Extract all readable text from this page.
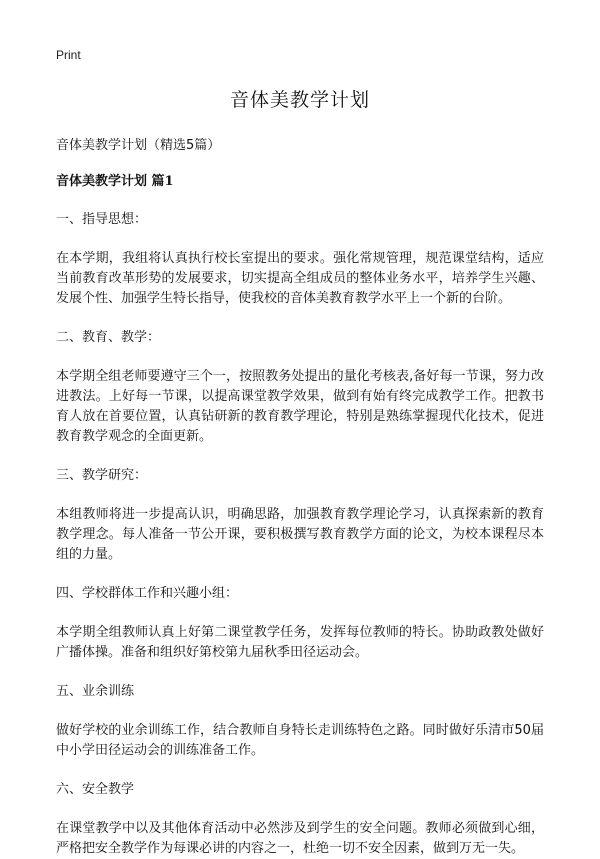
Print
音体美教学计划
音体美教学计划（精选5篇）
音体美教学计划 篇1
一、指导思想：
在本学期，我组将认真执行校长室提出的要求。强化常规管理，规范课堂结构，适应当前教育改革形势的发展要求，切实提高全组成员的整体业务水平，培养学生兴趣、发展个性、加强学生特长指导，使我校的音体美教育教学水平上一个新的台阶。
二、教育、教学：
本学期全组老师要遵守三个一，按照教务处提出的量化考核表,备好每一节课，努力改进教法。上好每一节课，以提高课堂教学效果，做到有始有终完成教学工作。把教书育人放在首要位置，认真钻研新的教育教学理论，特别是熟练掌握现代化技术，促进教育教学观念的全面更新。
三、教学研究：
本组教师将进一步提高认识，明确思路，加强教育教学理论学习，认真探索新的教育教学理念。每人准备一节公开课，要积极撰写教育教学方面的论文，为校本课程尽本组的力量。
四、学校群体工作和兴趣小组：
本学期全组教师认真上好第二课堂教学任务，发挥每位教师的特长。协助政教处做好广播体操。准备和组织好第校第九届秋季田径运动会。
五、业余训练
做好学校的业余训练工作，结合教师自身特长走训练特色之路。同时做好乐清市50届中小学田径运动会的训练准备工作。
六、安全教学
在课堂教学中以及其他体育活动中必然涉及到学生的安全问题。教师必须做到心细，严格把安全教学作为每课必讲的内容之一，杜绝一切不安全因素，做到万无一失。
